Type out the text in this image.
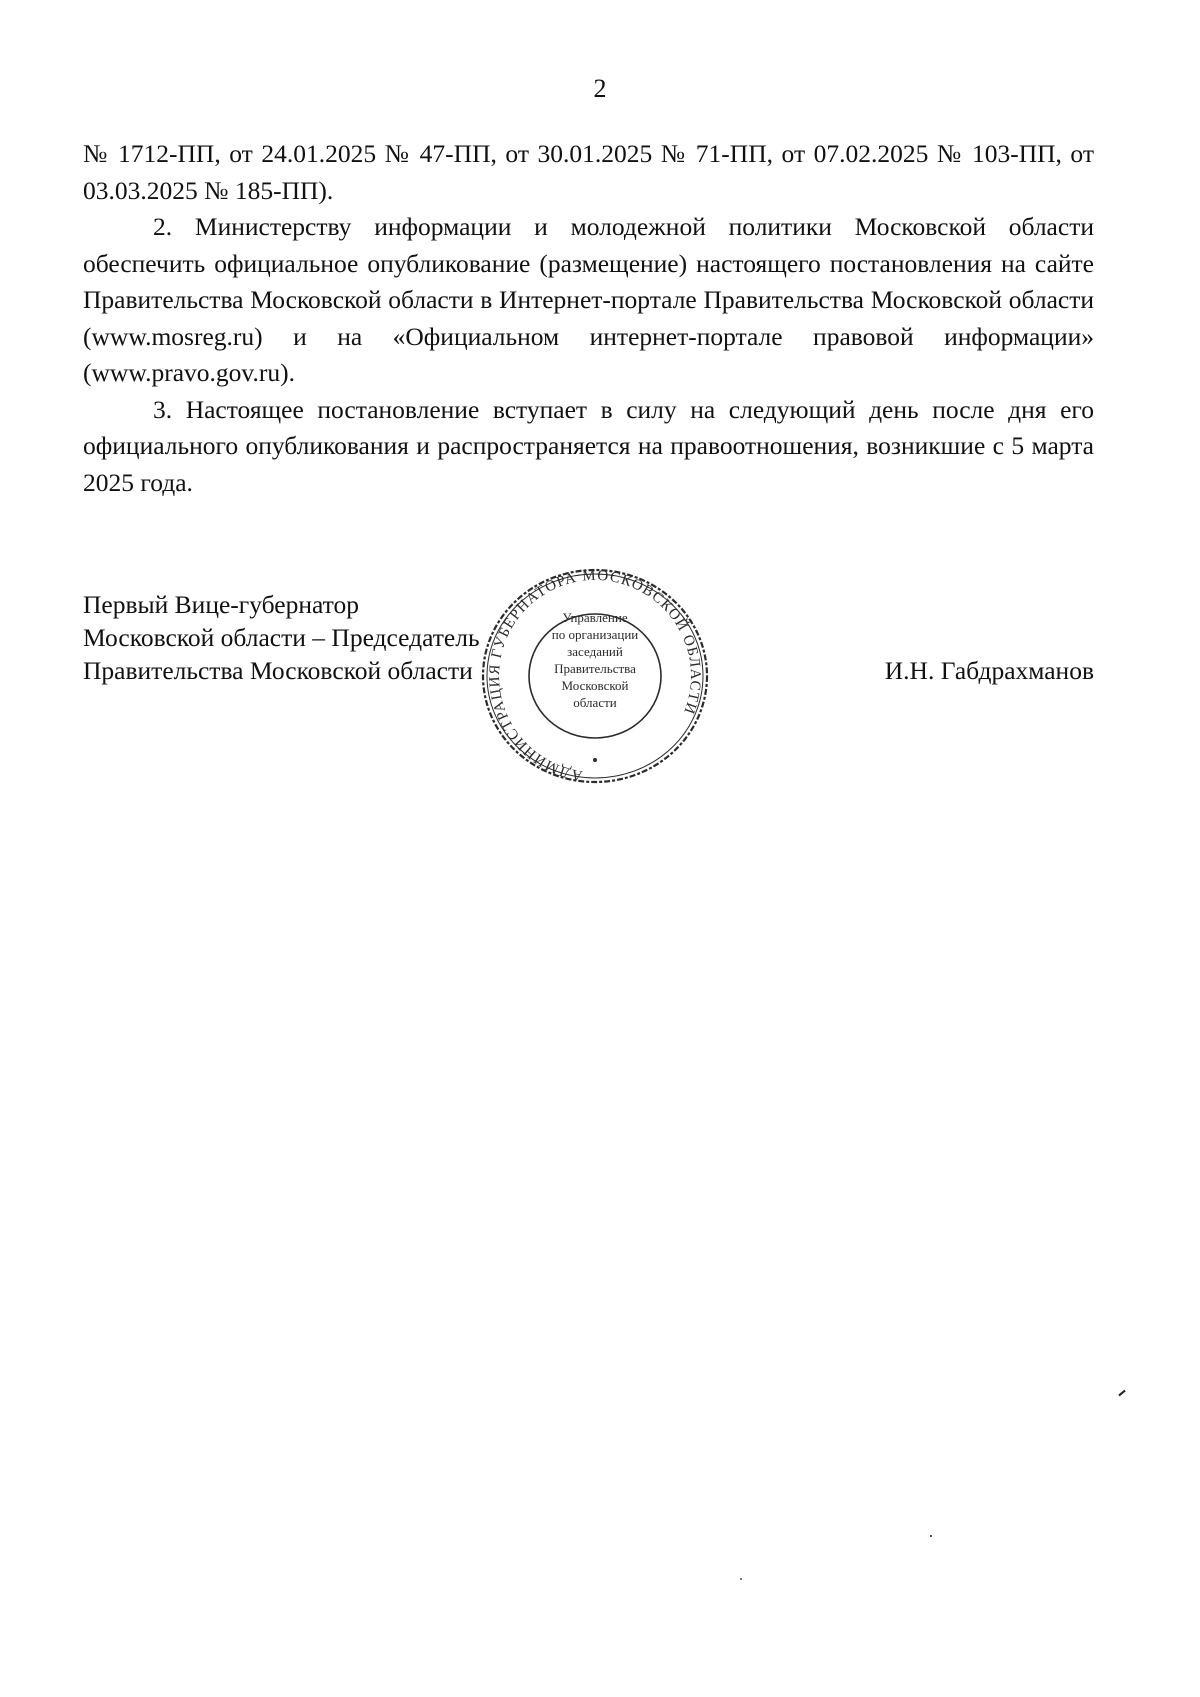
2

№ 1712-ПП, от 24.01.2025 № 47-ПП, от 30.01.2025 № 71-ПП, от 07.02.2025 № 103-ПП, от 03.03.2025 № 185-ПП).

2. Министерству информации и молодежной политики Московской области обеспечить официальное опубликование (размещение) настоящего постановления на сайте Правительства Московской области в Интернет-портале Правительства Московской области (www.mosreg.ru) и на «Официальном интернет-портале правовой информации» (www.pravo.gov.ru).

3. Настоящее постановление вступает в силу на следующий день после дня его официального опубликования и распространяется на правоотношения, возникшие с 5 марта 2025 года.

Первый Вице-губернатор
Московской области – Председатель
Правительства Московской области	И.Н. Габдрахманов
АДМИНИСТРАЦИЯ ГУБЕРНАТОРА МОСКОВСКОЙ ОБЛАСТИ
Управление
по организации
заседаний
Правительства
Московской
области
